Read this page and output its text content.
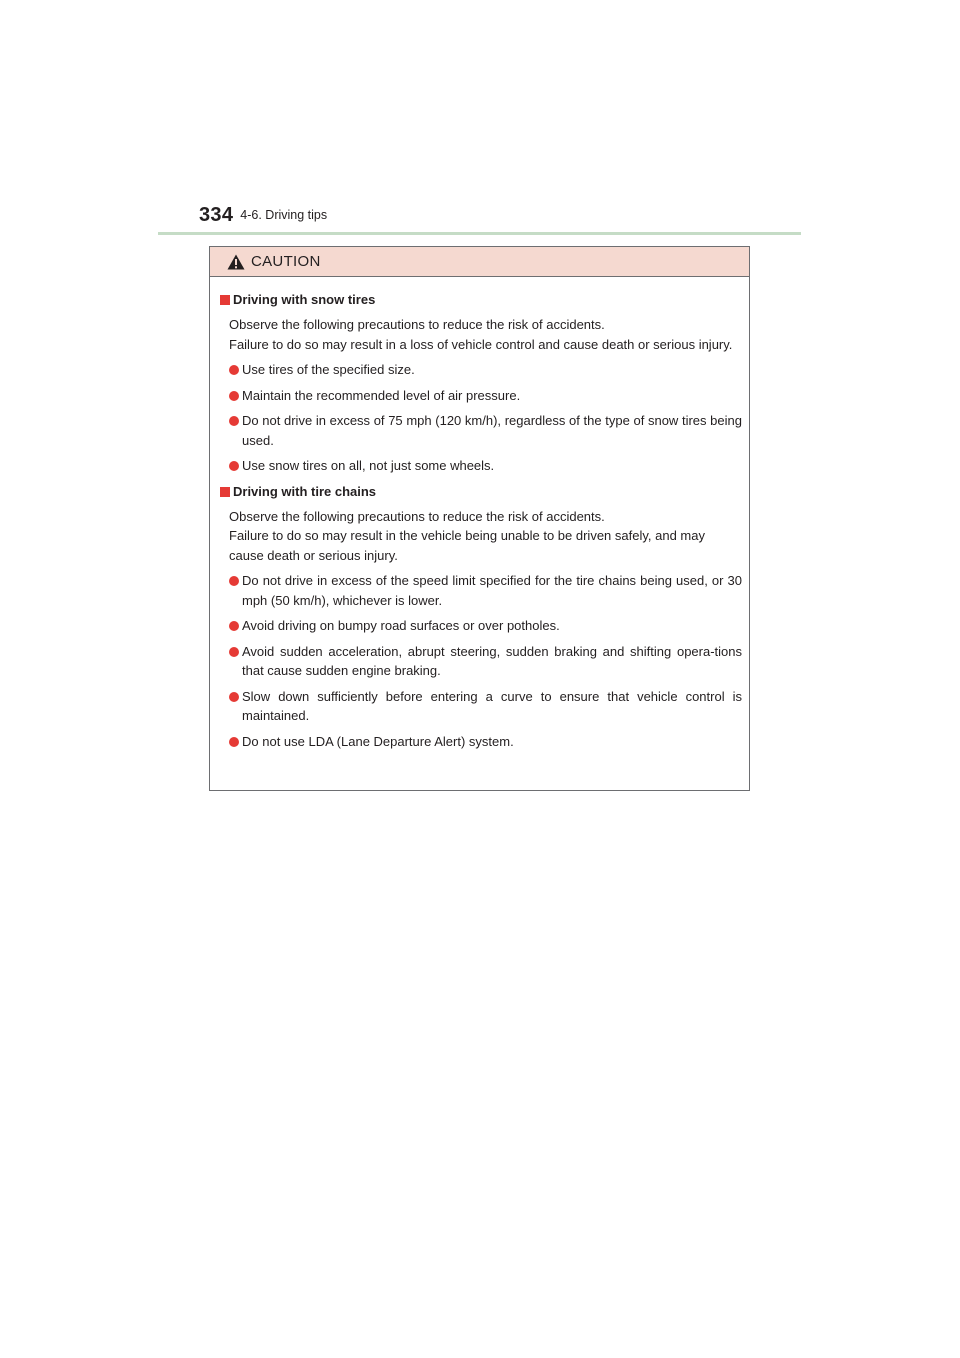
334 4-6. Driving tips
CAUTION
Driving with snow tires
Observe the following precautions to reduce the risk of accidents.
Failure to do so may result in a loss of vehicle control and cause death or serious injury.
Use tires of the specified size.
Maintain the recommended level of air pressure.
Do not drive in excess of 75 mph (120 km/h), regardless of the type of snow tires being used.
Use snow tires on all, not just some wheels.
Driving with tire chains
Observe the following precautions to reduce the risk of accidents.
Failure to do so may result in the vehicle being unable to be driven safely, and may cause death or serious injury.
Do not drive in excess of the speed limit specified for the tire chains being used, or 30 mph (50 km/h), whichever is lower.
Avoid driving on bumpy road surfaces or over potholes.
Avoid sudden acceleration, abrupt steering, sudden braking and shifting opera-tions that cause sudden engine braking.
Slow down sufficiently before entering a curve to ensure that vehicle control is maintained.
Do not use LDA (Lane Departure Alert) system.
